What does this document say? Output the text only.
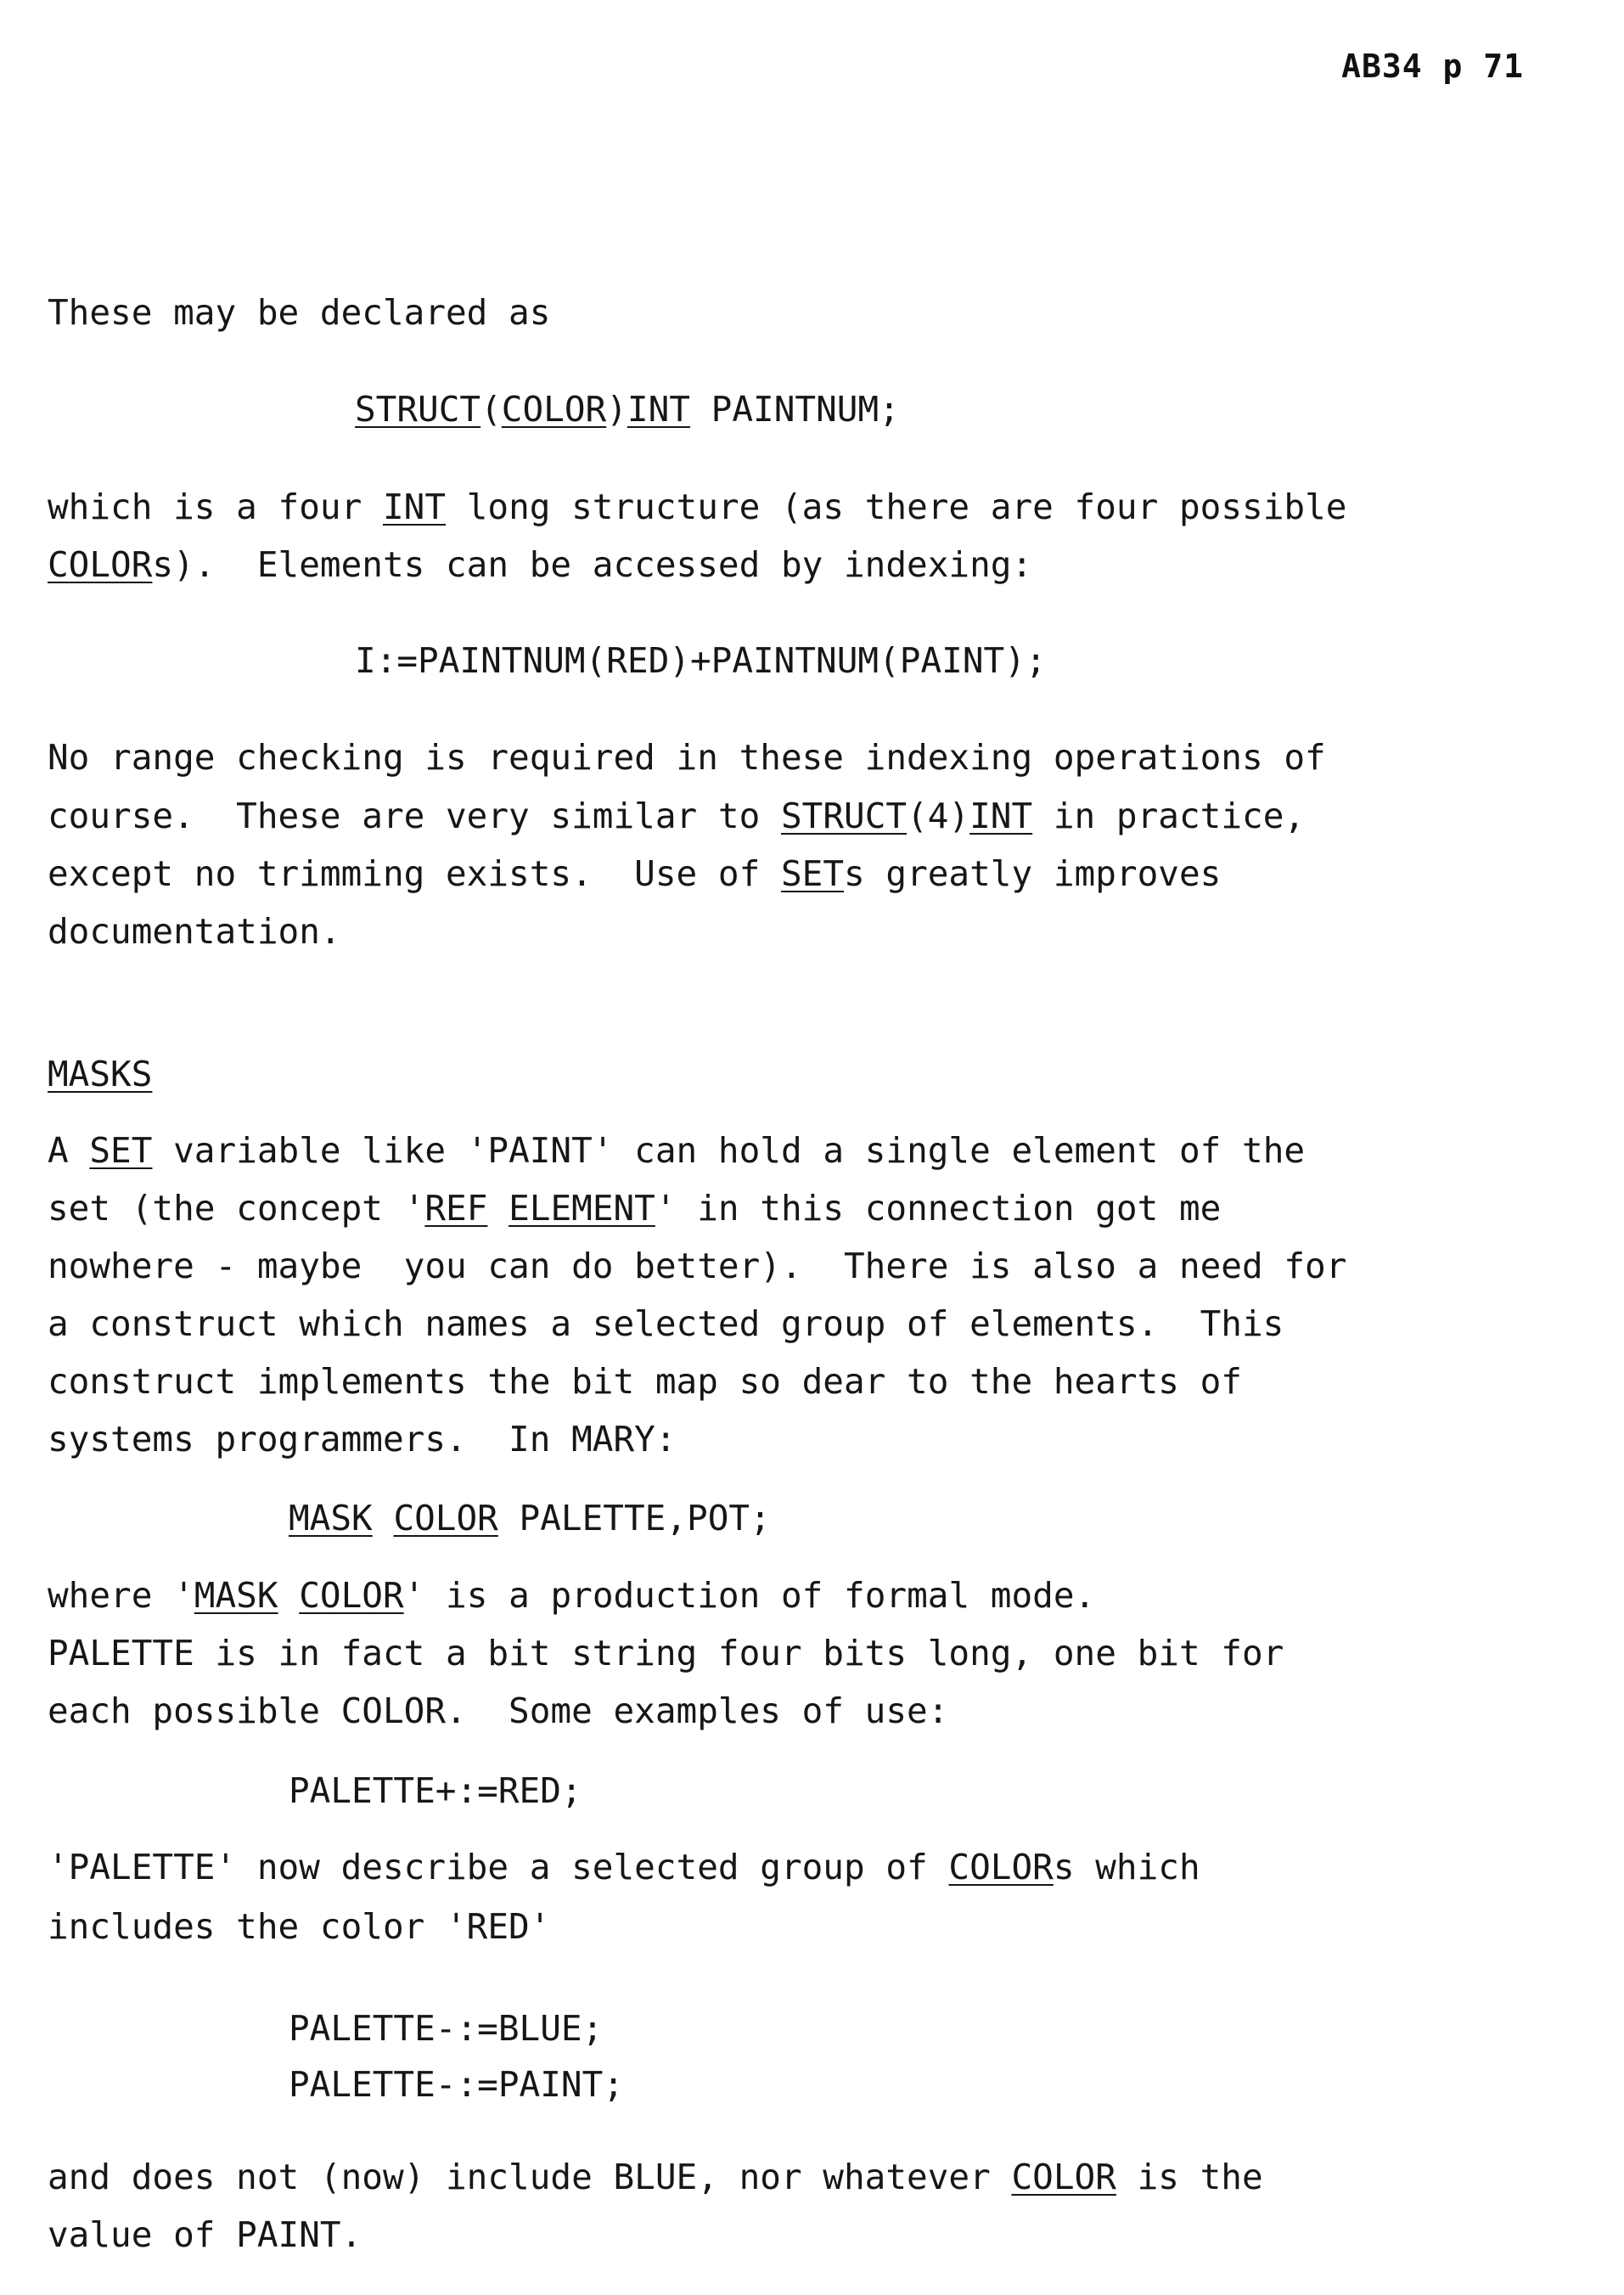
AB34 p 71
These may be declared as
STRUCT(COLOR)INT PAINTNUM;
which is a four INT long structure (as there are four possible
COLORs).  Elements can be accessed by indexing:
I:=PAINTNUM(RED)+PAINTNUM(PAINT);
No range checking is required in these indexing operations of
course.  These are very similar to STRUCT(4)INT in practice,
except no trimming exists.  Use of SETs greatly improves
documentation.
MASKS
A SET variable like 'PAINT' can hold a single element of the
set (the concept 'REF ELEMENT' in this connection got me
nowhere - maybe  you can do better).  There is also a need for
a construct which names a selected group of elements.  This
construct implements the bit map so dear to the hearts of
systems programmers.  In MARY:
MASK COLOR PALETTE,POT;
where 'MASK COLOR' is a production of formal mode.
PALETTE is in fact a bit string four bits long, one bit for
each possible COLOR.  Some examples of use:
PALETTE+:=RED;
'PALETTE' now describe a selected group of COLORs which
includes the color 'RED'
PALETTE-:=BLUE;
PALETTE-:=PAINT;
and does not (now) include BLUE, nor whatever COLOR is the
value of PAINT.
